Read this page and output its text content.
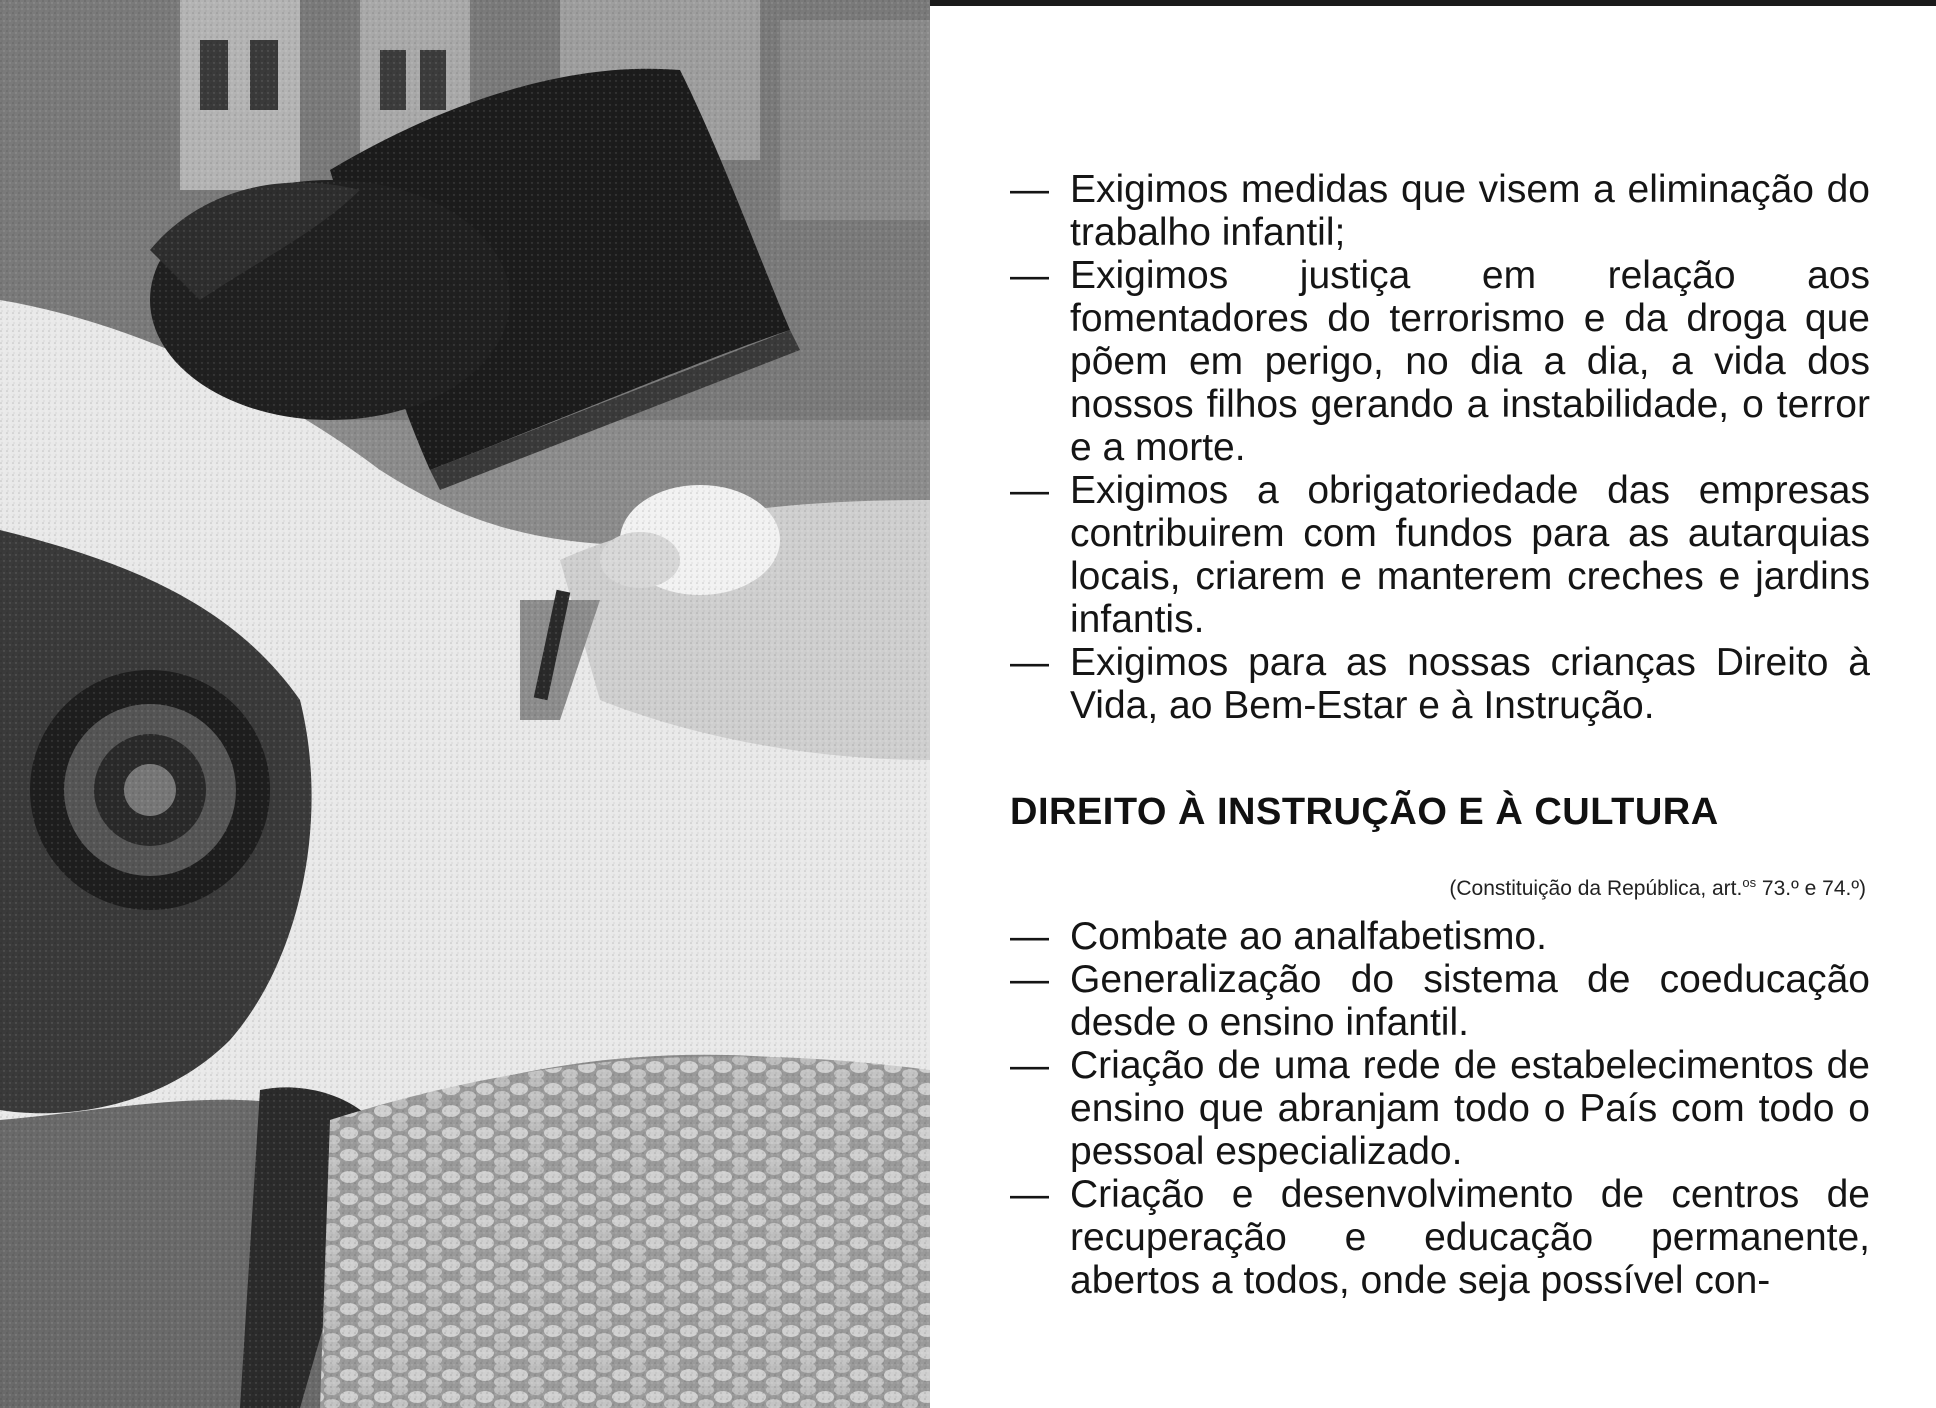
— Exigimos medidas que visem a eliminação do trabalho infantil;
— Exigimos justiça em relação aos fomentadores do terrorismo e da droga que põem em perigo, no dia a dia, a vida dos nossos filhos gerando a instabilidade, o terror e a morte.
— Exigimos a obrigatoriedade das empresas contribuirem com fundos para as autarquias locais, criarem e manterem creches e jardins infantis.
— Exigimos para as nossas crianças Direito à Vida, ao Bem-Estar e à Instrução.
DIREITO À INSTRUÇÃO E À CULTURA
(Constituição da República, art.$^{os}$ 73.º e 74.º)
— Combate ao analfabetismo.
— Generalização do sistema de coeducação desde o ensino infantil.
— Criação de uma rede de estabelecimentos de ensino que abranjam todo o País com todo o pessoal especializado.
— Criação e desenvolvimento de centros de recuperação e educação permanente, abertos a todos, onde seja possível con-
